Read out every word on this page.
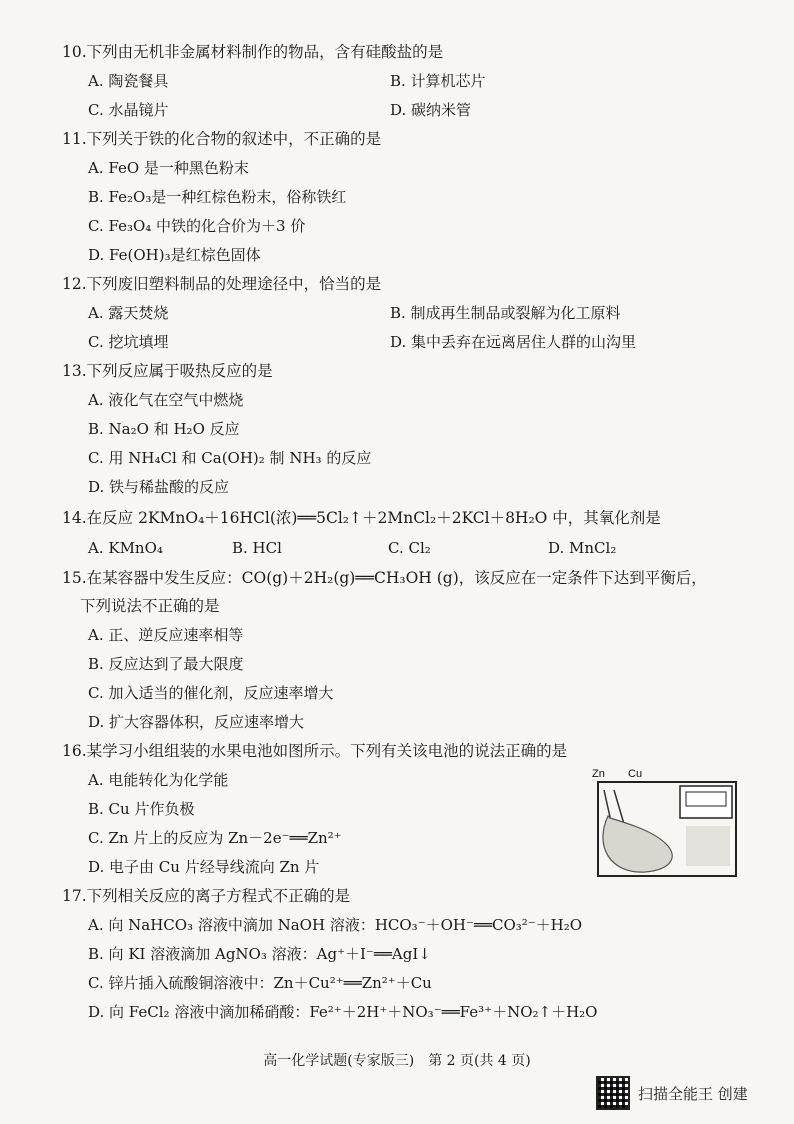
10.下列由无机非金属材料制作的物品，含有硅酸盐的是
A. 陶瓷餐具	B. 计算机芯片
C. 水晶镜片	D. 碳纳米管
11.下列关于铁的化合物的叙述中，不正确的是
A. FeO 是一种黑色粉末
B. Fe₂O₃是一种红棕色粉末，俗称铁红
C. Fe₃O₄ 中铁的化合价为＋3 价
D. Fe(OH)₃是红棕色固体
12.下列废旧塑料制品的处理途径中，恰当的是
A. 露天焚烧	B. 制成再生制品或裂解为化工原料
C. 挖坑填埋	D. 集中丢弃在远离居住人群的山沟里
13.下列反应属于吸热反应的是
A. 液化气在空气中燃烧
B. Na₂O 和 H₂O 反应
C. 用 NH₄Cl 和 Ca(OH)₂ 制 NH₃ 的反应
D. 铁与稀盐酸的反应
14.在反应 2KMnO₄＋16HCl(浓)══5Cl₂↑＋2MnCl₂＋2KCl＋8H₂O 中，其氧化剂是
A. KMnO₄	B. HCl	C. Cl₂	D. MnCl₂
15.在某容器中发生反应：CO(g)＋2H₂(g)══CH₃OH (g)，该反应在一定条件下达到平衡后，
下列说法不正确的是
A. 正、逆反应速率相等
B. 反应达到了最大限度
C. 加入适当的催化剂，反应速率增大
D. 扩大容器体积，反应速率增大
16.某学习小组组装的水果电池如图所示。下列有关该电池的说法正确的是
A. 电能转化为化学能
B. Cu 片作负极
C. Zn 片上的反应为 Zn－2e⁻══Zn²⁺
D. 电子由 Cu 片经导线流向 Zn 片
Zn Cu
17.下列相关反应的离子方程式不正确的是
A. 向 NaHCO₃ 溶液中滴加 NaOH 溶液：HCO₃⁻＋OH⁻══CO₃²⁻＋H₂O
B. 向 KI 溶液滴加 AgNO₃ 溶液：Ag⁺＋I⁻══AgI↓
C. 锌片插入硫酸铜溶液中：Zn＋Cu²⁺══Zn²⁺＋Cu
D. 向 FeCl₂ 溶液中滴加稀硝酸：Fe²⁺＋2H⁺＋NO₃⁻══Fe³⁺＋NO₂↑＋H₂O
高一化学试题(专家版三)　第 2 页(共 4 页)
扫描全能王 创建
